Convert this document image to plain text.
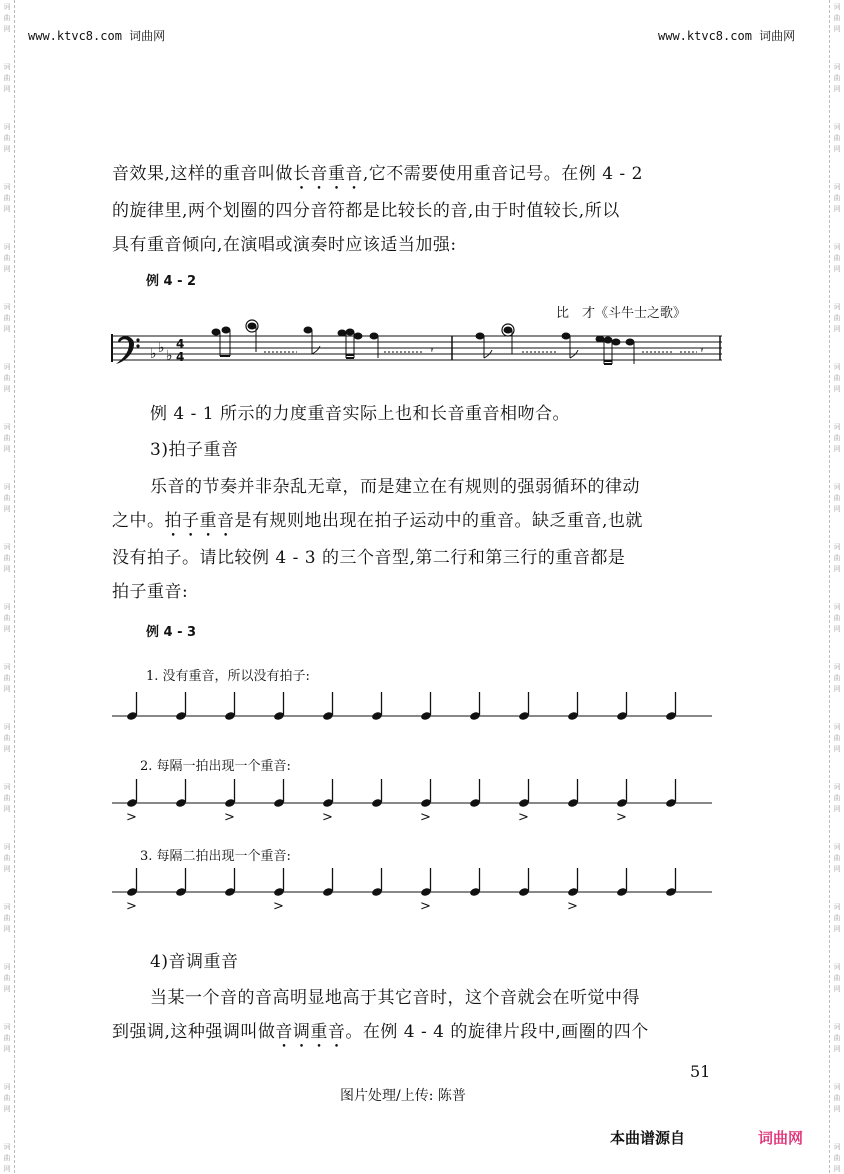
词
曲
网
词
曲
网
词
曲
网
词
曲
网
词
曲
网
词
曲
网
词
曲
网
词
曲
网
词
曲
网
词
曲
网
词
曲
网
词
曲
网
词
曲
网
词
曲
网
词
曲
网
词
曲
网
词
曲
网
词
曲
网
词
曲
网
词
曲
网
词
曲
网
词
曲
网
词
曲
网
词
曲
网
词
曲
网
词
曲
网
词
曲
网
词
曲
网
词
曲
网
词
曲
网
词
曲
网
词
曲
网
词
曲
网
词
曲
网
词
曲
网
词
曲
网
词
曲
网
词
曲
网
词
曲
网
词
曲
网
www.ktvc8.com 词曲网	www.ktvc8.com 词曲网
音效果,这样的重音叫做长音重音,它不需要使用重音记号。在例 4 - 2
的旋律里,两个划圈的四分音符都是比较长的音,由于时值较长,所以
具有重音倾向,在演唱或演奏时应该适当加强:
例 4 - 2
比　才《斗牛士之歌》
♭ ♭ ♭
4
4	ᵞ	ᵞ
例 4 - 1 所示的力度重音实际上也和长音重音相吻合。
3)拍子重音
乐音的节奏并非杂乱无章，而是建立在有规则的强弱循环的律动
之中。拍子重音是有规则地出现在拍子运动中的重音。缺乏重音,也就
没有拍子。请比较例 4 - 3 的三个音型,第二行和第三行的重音都是
拍子重音:
例 4 - 3
1. 没有重音，所以没有拍子:
2. 每隔一拍出现一个重音:
3. 每隔二拍出现一个重音:
>	>	>	>	>	>
>	>	>	>
4)音调重音
当某一个音的音高明显地高于其它音时，这个音就会在听觉中得
到强调,这种强调叫做音调重音。在例 4 - 4 的旋律片段中,画圈的四个
51
图片处理/上传: 陈普
本曲谱源自	词曲网
